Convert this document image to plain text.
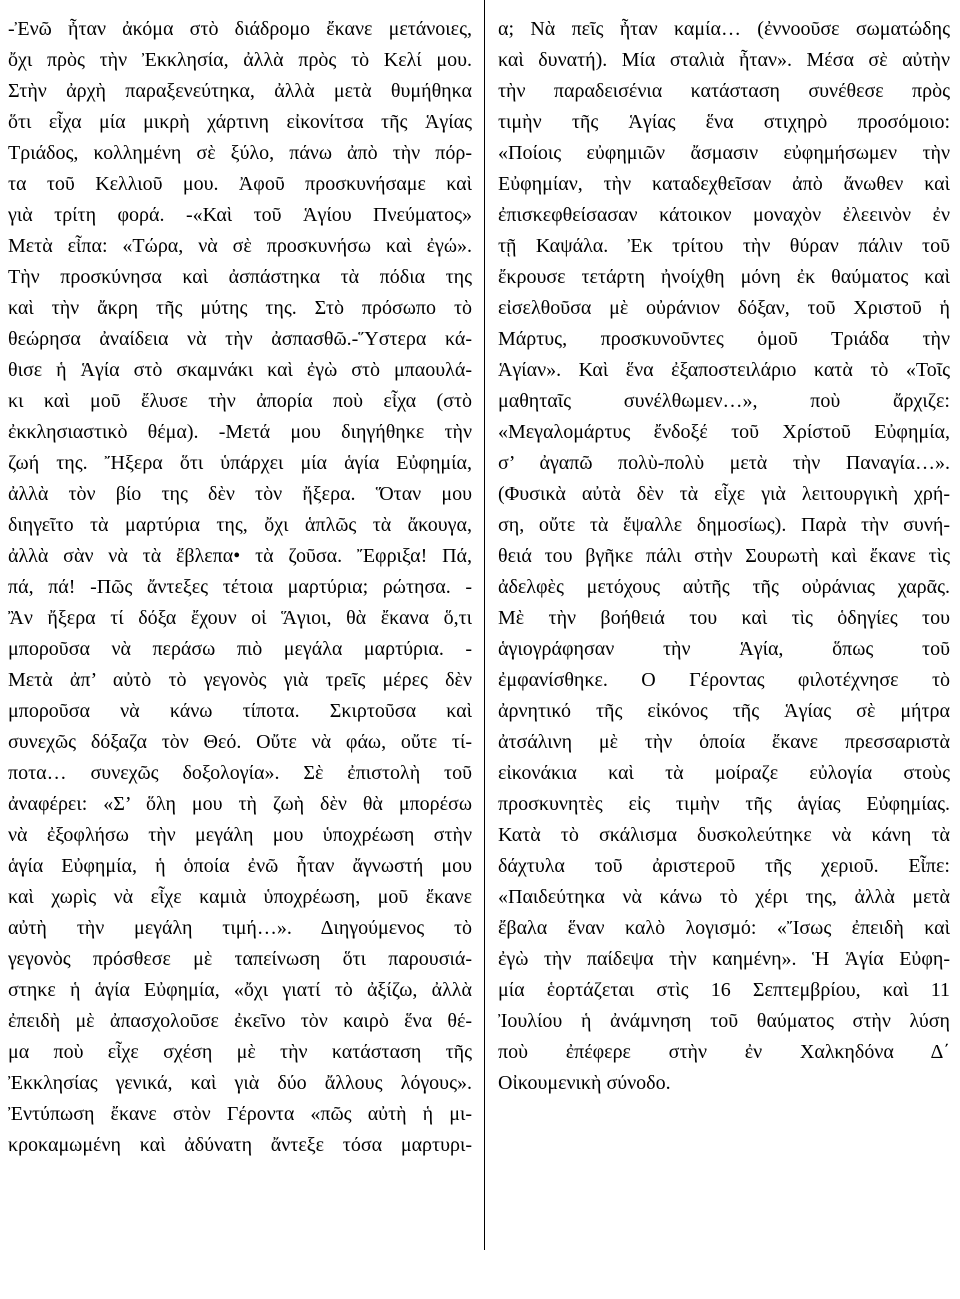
-Ἐνῶ ἦταν ἀκόμα στὸ διάδρομο ἔκανε μετάνοιες,
ὄχι πρὸς τὴν Ἐκκλησία, ἀλλὰ πρὸς τὸ Κελί μου.
Στὴν ἀρχὴ παραξενεύτηκα, ἀλλὰ μετὰ θυμήθηκα
ὅτι εἶχα μία μικρὴ χάρτινη εἰκονίτσα τῆς Ἁγίας
Τριάδος, κολλημένη σὲ ξύλο, πάνω ἀπὸ τὴν πόρ-
τα τοῦ Κελλιοῦ μου. Ἀφοῦ προσκυνήσαμε καὶ
γιὰ τρίτη φορά. -«Καὶ τοῦ Ἁγίου Πνεύματος»
Μετὰ εἶπα: «Τώρα, νὰ σὲ προσκυνήσω καὶ ἐγώ».
Τὴν προσκύνησα καὶ ἀσπάστηκα τὰ πόδια της
καὶ τὴν ἄκρη τῆς μύτης της. Στὸ πρόσωπο τὸ
θεώρησα ἀναίδεια νὰ τὴν ἀσπασθῶ.-Ὕστερα κά-
θισε ἡ Ἁγία στὸ σκαμνάκι καὶ ἐγὼ στὸ μπαουλά-
κι καὶ μοῦ ἔλυσε τὴν ἀπορία ποὺ εἶχα (στὸ
ἐκκλησιαστικὸ θέμα). -Μετά μου διηγήθηκε τὴν
ζωή της. Ἤξερα ὅτι ὑπάρχει μία ἁγία Εὐφημία,
ἀλλὰ τὸν βίο της δὲν τὸν ἤξερα. Ὅταν μου
διηγεῖτο τὰ μαρτύρια της, ὄχι ἁπλῶς τὰ ἄκουγα,
ἀλλὰ σὰν νὰ τὰ ἔβλεπα• τὰ ζοῦσα. Ἔφριξα! Πά,
πά, πά! -Πῶς ἄντεξες τέτοια μαρτύρια; ρώτησα. -
Ἂν ἤξερα τί δόξα ἔχουν οἱ Ἅγιοι, θὰ ἔκανα ὅ,τι
μποροῦσα νὰ περάσω πιὸ μεγάλα μαρτύρια. -
Μετὰ ἀπ’ αὐτὸ τὸ γεγονὸς γιὰ τρεῖς μέρες δὲν
μποροῦσα νὰ κάνω τίποτα. Σκιρτοῦσα καὶ
συνεχῶς δόξαζα τὸν Θεό. Οὔτε νὰ φάω, οὔτε τί-
ποτα… συνεχῶς δοξολογία». Σὲ ἐπιστολὴ τοῦ
ἀναφέρει: «Σ’ ὅλη μου τὴ ζωὴ δὲν θὰ μπορέσω
νὰ ἐξοφλήσω τὴν μεγάλη μου ὑποχρέωση στὴν
ἁγία Εὐφημία, ἡ ὁποία ἐνῶ ἦταν ἄγνωστή μου
καὶ χωρὶς νὰ εἶχε καμιὰ ὑποχρέωση, μοῦ ἔκανε
αὐτὴ τὴν μεγάλη τιμή…». Διηγούμενος τὸ
γεγονὸς πρόσθεσε μὲ ταπείνωση ὅτι παρουσιά-
στηκε ἡ ἁγία Εὐφημία, «ὄχι γιατί τὸ ἀξίζω, ἀλλὰ
ἐπειδὴ μὲ ἀπασχολοῦσε ἐκεῖνο τὸν καιρὸ ἕνα θέ-
μα ποὺ εἶχε σχέση μὲ τὴν κατάσταση τῆς
Ἐκκλησίας γενικά, καὶ γιὰ δύο ἄλλους λόγους».
Ἐντύπωση ἔκανε στὸν Γέροντα «πῶς αὐτὴ ἡ μι-
κροκαμωμένη καὶ ἀδύνατη ἄντεξε τόσα μαρτυρι-
α; Νὰ πεῖς ἦταν καμία… (ἐννοοῦσε σωματώδης
καὶ δυνατή). Μία σταλιὰ ἦταν». Μέσα σὲ αὐτὴν
τὴν παραδεισένια κατάσταση συνέθεσε πρὸς
τιμὴν τῆς Ἁγίας ἕνα στιχηρὸ προσόμοιο:
«Ποίοις εὐφημιῶν ἄσμασιν εὐφημήσωμεν τὴν
Εὐφημίαν, τὴν καταδεχθεῖσαν ἀπὸ ἄνωθεν καὶ
ἐπισκεφθείσασαν κάτοικον μοναχὸν ἐλεεινὸν ἐν
τῇ Καψάλα. Ἐκ τρίτου τὴν θύραν πάλιν τοῦ
ἔκρουσε τετάρτη ἠνοίχθη μόνη ἐκ θαύματος καὶ
εἰσελθοῦσα μὲ οὐράνιον δόξαν, τοῦ Χριστοῦ ἡ
Μάρτυς, προσκυνοῦντες ὁμοῦ Τριάδα τὴν
Ἁγίαν». Καὶ ἕνα ἐξαποστειλάριο κατὰ τὸ «Τοῖς
μαθηταῖς συνέλθωμεν…», ποὺ ἄρχιζε:
«Μεγαλομάρτυς ἔνδοξέ τοῦ Χρίστοῦ Εὐφημία,
σ’ ἀγαπῶ πολὺ-πολὺ μετὰ τὴν Παναγία…».
(Φυσικὰ αὐτὰ δὲν τὰ εἶχε γιὰ λειτουργικὴ χρή-
ση, οὔτε τὰ ἔψαλλε δημοσίως). Παρὰ τὴν συνή-
θειά του βγῆκε πάλι στὴν Σουρωτὴ καὶ ἔκανε τὶς
ἀδελφὲς μετόχους αὐτῆς τῆς οὐράνιας χαρᾶς.
Μὲ τὴν βοήθειά του καὶ τὶς ὁδηγίες του
ἁγιογράφησαν τὴν Ἁγία, ὅπως τοῦ
ἐμφανίσθηκε. Ο Γέροντας φιλοτέχνησε τὸ
ἀρνητικό τῆς εἰκόνος τῆς Ἁγίας σὲ μήτρα
ἀτσάλινη μὲ τὴν ὁποία ἔκανε πρεσσαριστὰ
εἰκονάκια καὶ τὰ μοίραζε εὐλογία στοὺς
προσκυνητὲς εἰς τιμὴν τῆς ἁγίας Εὐφημίας.
Κατὰ τὸ σκάλισμα δυσκολεύτηκε νὰ κάνη τὰ
δάχτυλα τοῦ ἀριστεροῦ τῆς χεριοῦ. Εἶπε:
«Παιδεύτηκα νὰ κάνω τὸ χέρι της, ἀλλὰ μετὰ
ἔβαλα ἕναν καλὸ λογισμό: «Ἴσως ἐπειδὴ καὶ
ἐγὼ τὴν παίδεψα τὴν καημένη». Ἡ Ἁγία Εὐφη-
μία ἑορτάζεται στὶς 16 Σεπτεμβρίου, καὶ 11
Ἰουλίου ἡ ἀνάμνηση τοῦ θαύματος στὴν λύση
ποὺ ἐπέφερε στὴν ἐν Χαλκηδόνα Δ΄
Οἰκουμενικὴ σύνοδο.
